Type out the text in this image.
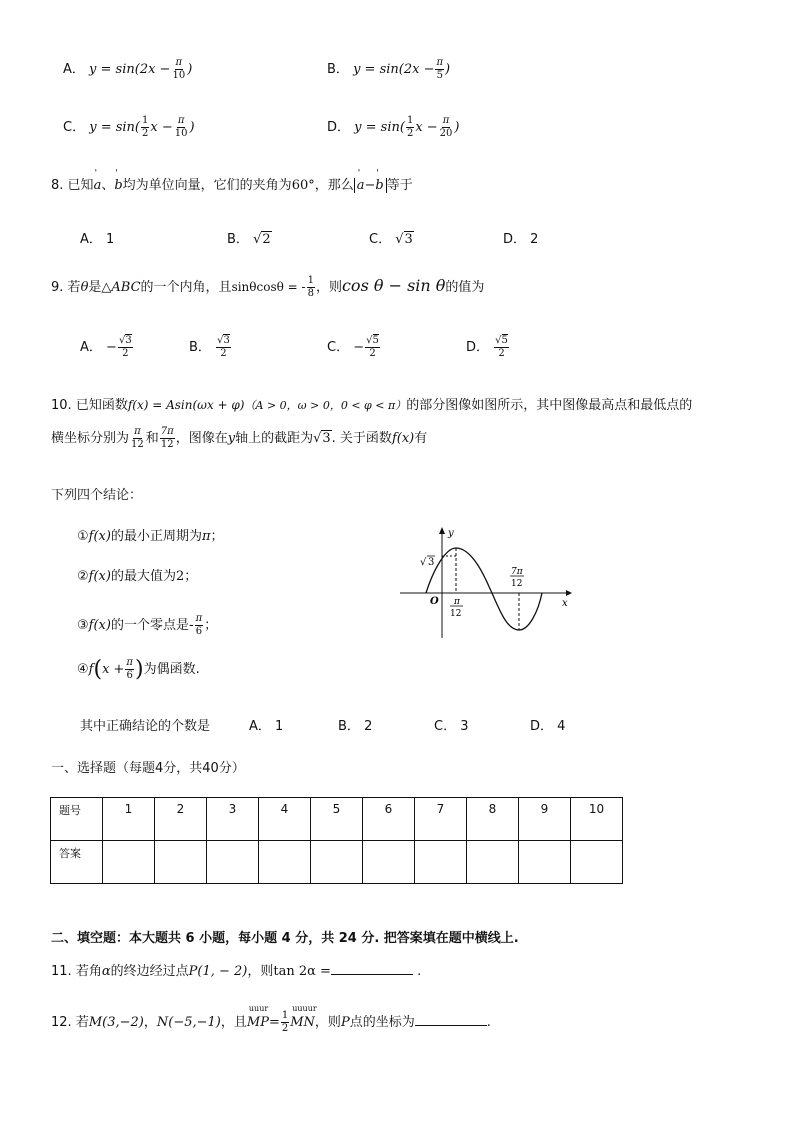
A． $y = \sin(2x - \frac{\pi}{10}$ )	B． $y = \sin(2x - \frac{\pi}{5}$ )
C． $y = \sin( \frac{1}{2}$ $x - \frac{\pi}{10}$ )	D． $y = \sin( \frac{1}{2}$ $x - \frac{\pi}{20}$ )
8. 已知' a、' b均为单位向量，它们的夹角为60°，那么 ' a−' b 等于
A． 1	B． √2	C． √3	D． 2
9. 若θ是△ABC的一个内角，且sinθcosθ = - $\frac{1}{8}$ ，则cos θ − sin θ的值为
A． − $\frac{√3}{2}$	B． $\frac{√3}{2}$	C． − $\frac{√5}{2}$	D． $\frac{√5}{2}$
10. 已知函数f(x) = Asin(ωx + φ)（A > 0，ω > 0，0 < φ < π）的部分图像如图所示，其中图像最高点和最低点的
横坐标分别为 $\frac{\pi}{12}$ 和 $\frac{7\pi}{12}$ ，图像在y轴上的截距为√3. 关于函数f(x)有
下列四个结论：
①f(x)的最小正周期为π；
②f(x)的最大值为2；
③f(x)的一个零点是- $\frac{\pi}{6}$ ；
④f(x + $\frac{\pi}{6}$ )为偶函数.
其中正确结论的个数是	A． 1	B． 2	C． 3	D． 4
y
x
O
√ 3
π
12
7π
12
一、选择题（每题4分，共40分）
题号	1	2	3	4	5	6	7	8	9	10
答案										
二、填空题：本大题共 6 小题，每小题 4 分，共 24 分. 把答案填在题中横线上.
11. 若角α的终边经过点P(1, − 2)，则tan 2α =	.
12. 若M(3,−2)，N(−5,−1)，且
uuur
$MP= \frac{1}{2}$
uuuur
MN，则P点的坐标为	.
